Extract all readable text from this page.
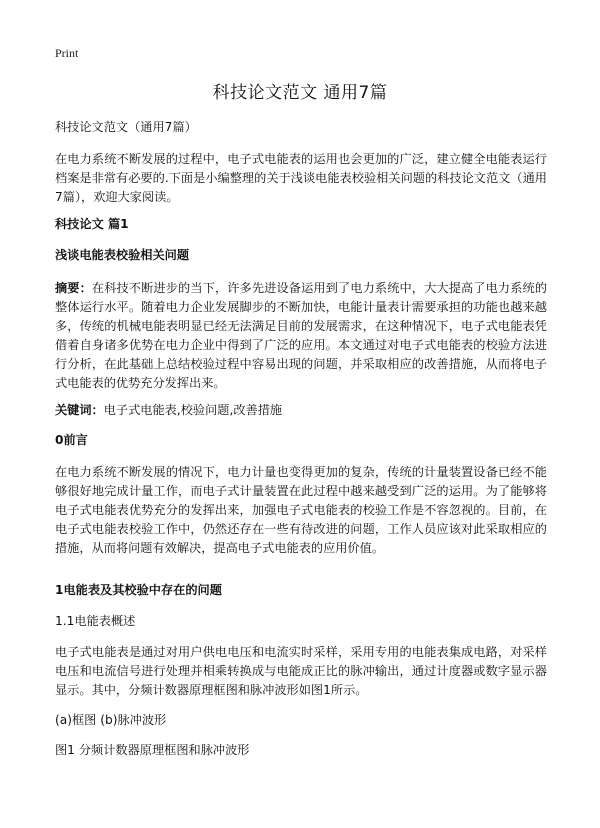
Print
科技论文范文 通用7篇
科技论文范文（通用7篇）
在电力系统不断发展的过程中，电子式电能表的运用也会更加的广泛，建立健全电能表运行档案是非常有必要的.下面是小编整理的关于浅谈电能表校验相关问题的科技论文范文（通用7篇），欢迎大家阅读。
科技论文 篇1
浅谈电能表校验相关问题
摘要：在科技不断进步的当下，许多先进设备运用到了电力系统中，大大提高了电力系统的整体运行水平。随着电力企业发展脚步的不断加快，电能计量表计需要承担的功能也越来越多，传统的机械电能表明显已经无法满足目前的发展需求，在这种情况下，电子式电能表凭借着自身诸多优势在电力企业中得到了广泛的应用。本文通过对电子式电能表的校验方法进行分析，在此基础上总结校验过程中容易出现的问题，并采取相应的改善措施，从而将电子式电能表的优势充分发挥出来。
关键词：电子式电能表,校验问题,改善措施
0前言
在电力系统不断发展的情况下，电力计量也变得更加的复杂，传统的计量装置设备已经不能够很好地完成计量工作，而电子式计量装置在此过程中越来越受到广泛的运用。为了能够将电子式电能表优势充分的发挥出来，加强电子式电能表的校验工作是不容忽视的。目前，在电子式电能表校验工作中，仍然还存在一些有待改进的问题，工作人员应该对此采取相应的措施，从而将问题有效解决，提高电子式电能表的应用价值。
1电能表及其校验中存在的问题
1.1电能表概述
电子式电能表是通过对用户供电电压和电流实时采样，采用专用的电能表集成电路，对采样电压和电流信号进行处理并相乘转换成与电能成正比的脉冲输出，通过计度器或数字显示器显示。其中，分频计数器原理框图和脉冲波形如图1所示。
(a)框图 (b)脉冲波形
图1 分频计数器原理框图和脉冲波形
